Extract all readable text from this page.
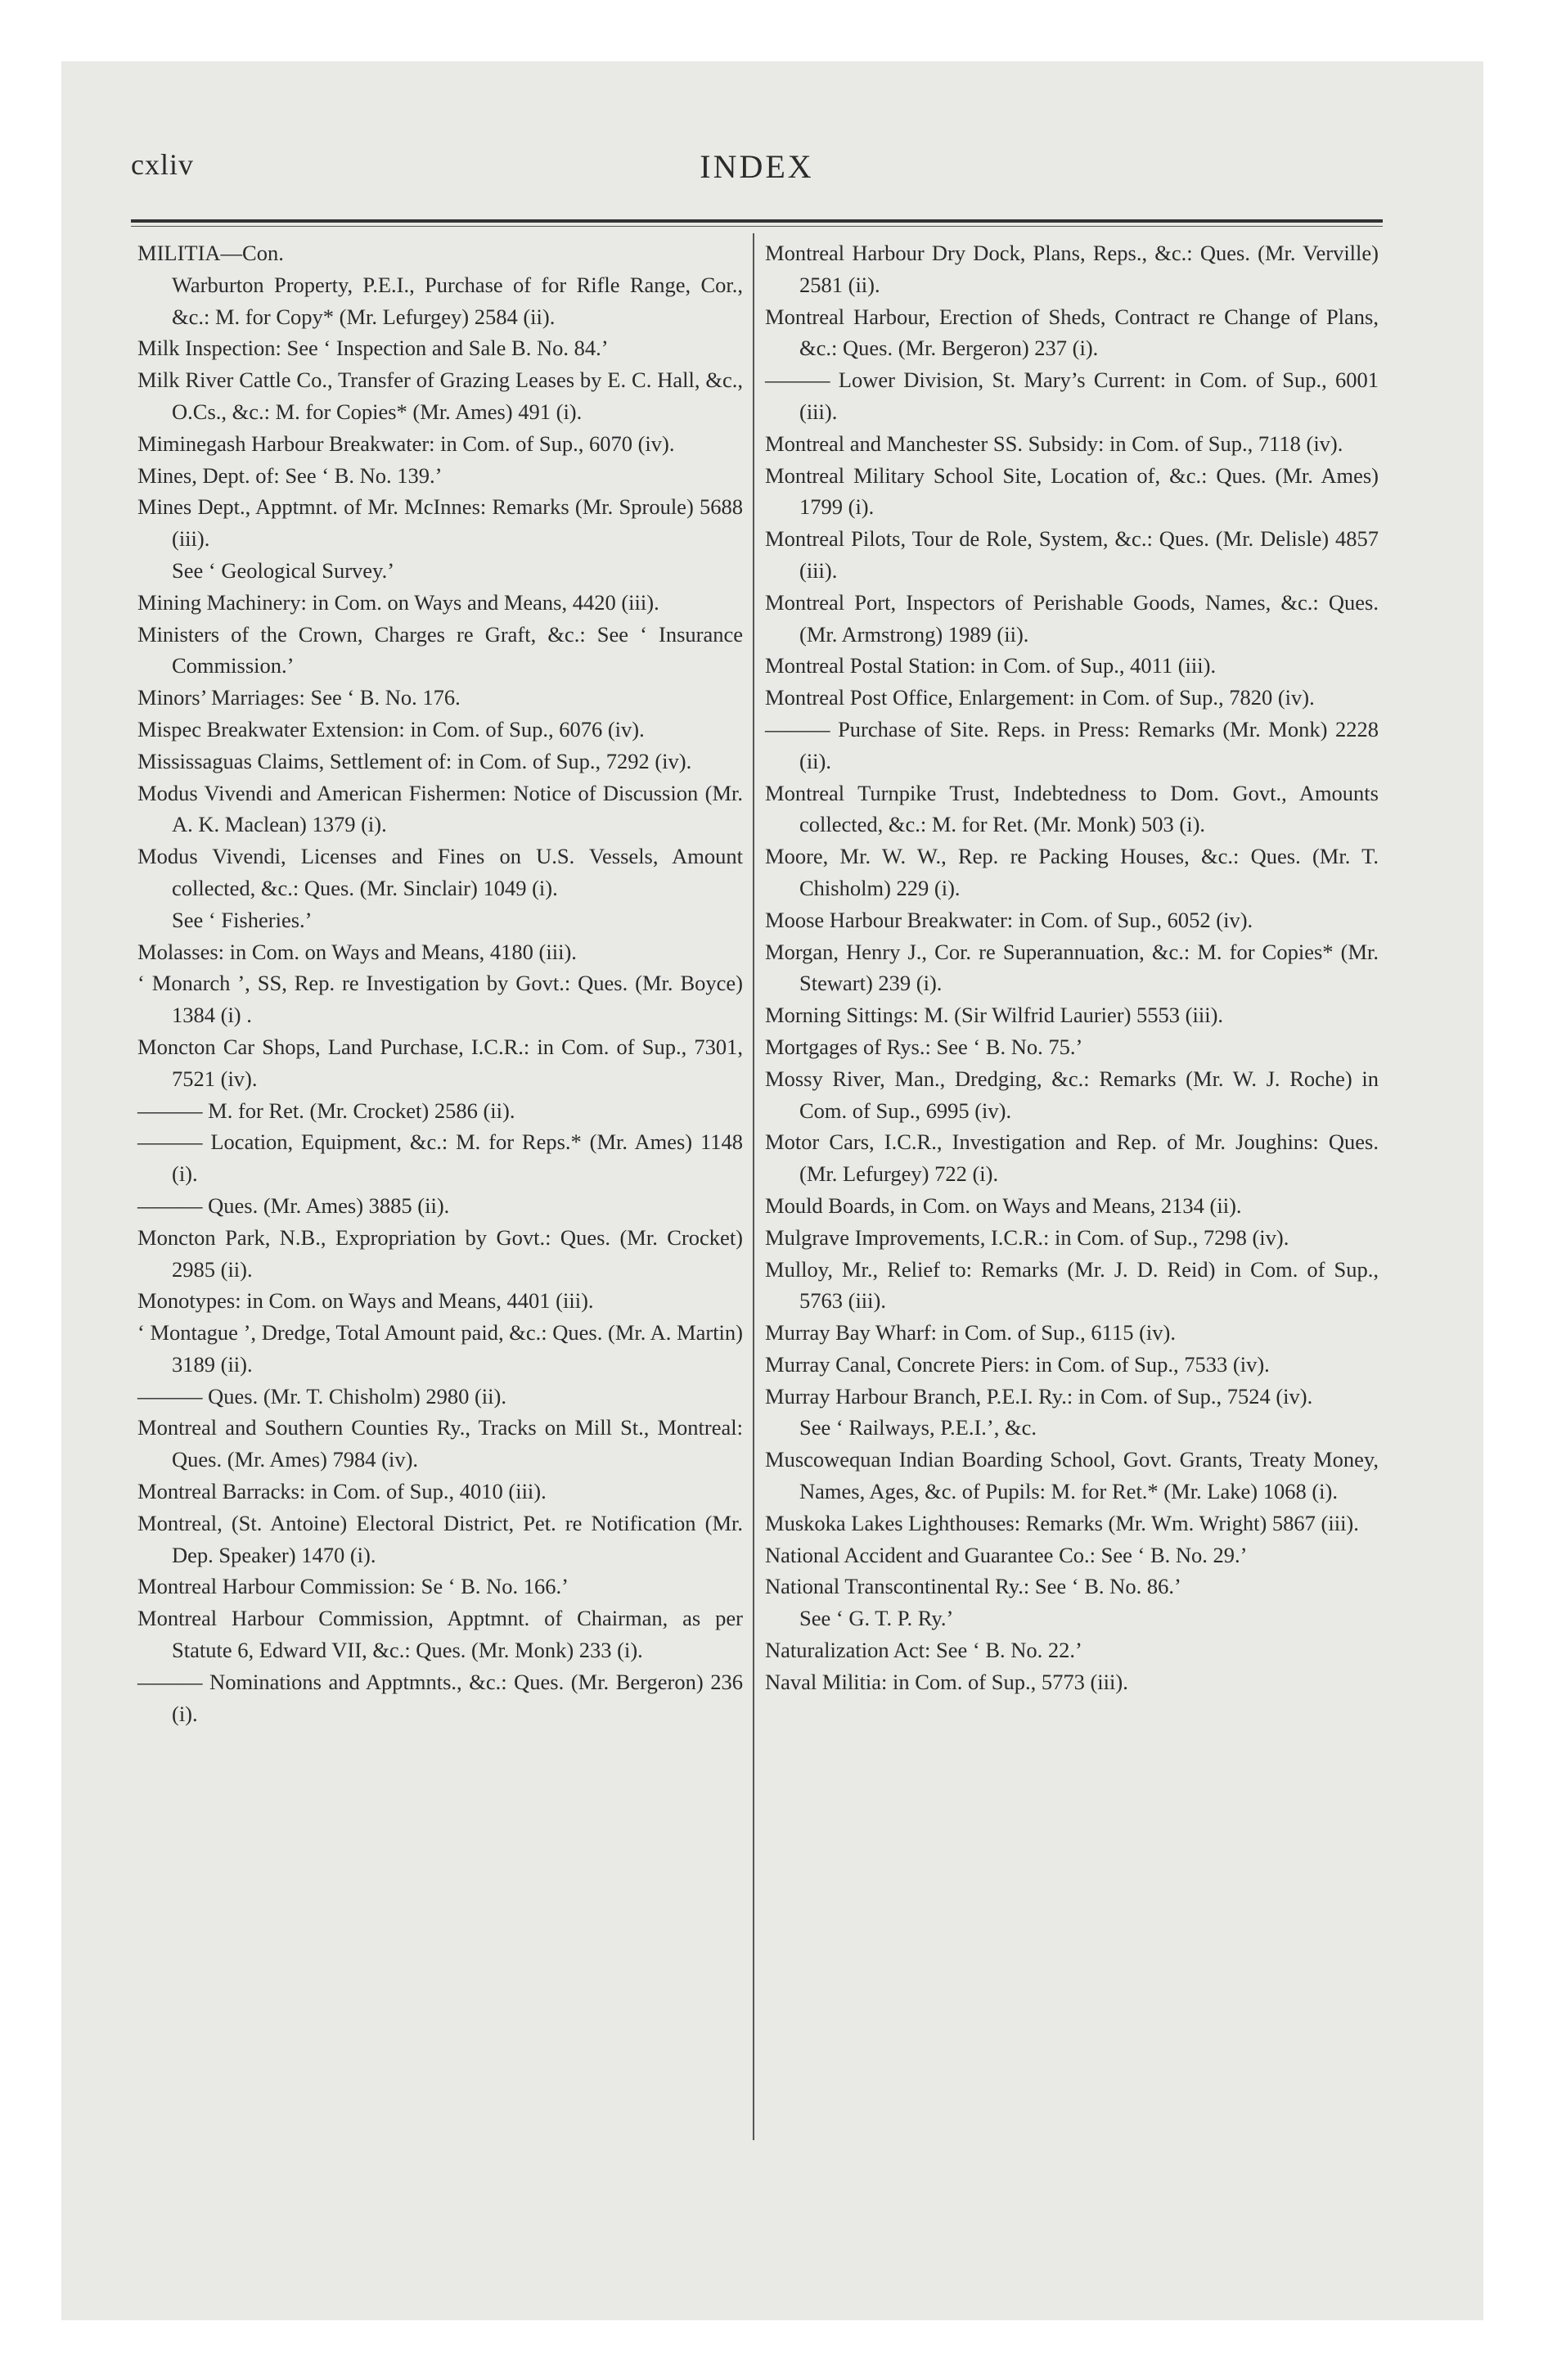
cxliv	INDEX
MILITIA—Con.
Warburton Property, P.E.I., Purchase of for Rifle Range, Cor., &c.: M. for Copy* (Mr. Lefurgey) 2584 (ii).
Milk Inspection: See ‘ Inspection and Sale B. No. 84.’
Milk River Cattle Co., Transfer of Grazing Leases by E. C. Hall, &c., O.Cs., &c.: M. for Copies* (Mr. Ames) 491 (i).
Miminegash Harbour Breakwater: in Com. of Sup., 6070 (iv).
Mines, Dept. of: See ‘ B. No. 139.’
Mines Dept., Apptmnt. of Mr. McInnes: Remarks (Mr. Sproule) 5688 (iii).
See ‘ Geological Survey.’
Mining Machinery: in Com. on Ways and Means, 4420 (iii).
Ministers of the Crown, Charges re Graft, &c.: See ‘ Insurance Commission.’
Minors’ Marriages: See ‘ B. No. 176.
Mispec Breakwater Extension: in Com. of Sup., 6076 (iv).
Mississaguas Claims, Settlement of: in Com. of Sup., 7292 (iv).
Modus Vivendi and American Fishermen: Notice of Discussion (Mr. A. K. Maclean) 1379 (i).
Modus Vivendi, Licenses and Fines on U.S. Vessels, Amount collected, &c.: Ques. (Mr. Sinclair) 1049 (i).
See ‘ Fisheries.’
Molasses: in Com. on Ways and Means, 4180 (iii).
‘ Monarch ’, SS, Rep. re Investigation by Govt.: Ques. (Mr. Boyce) 1384 (i) .
Moncton Car Shops, Land Purchase, I.C.R.: in Com. of Sup., 7301, 7521 (iv).
——— M. for Ret. (Mr. Crocket) 2586 (ii).
——— Location, Equipment, &c.: M. for Reps.* (Mr. Ames) 1148 (i).
——— Ques. (Mr. Ames) 3885 (ii).
Moncton Park, N.B., Expropriation by Govt.: Ques. (Mr. Crocket) 2985 (ii).
Monotypes: in Com. on Ways and Means, 4401 (iii).
‘ Montague ’, Dredge, Total Amount paid, &c.: Ques. (Mr. A. Martin) 3189 (ii).
——— Ques. (Mr. T. Chisholm) 2980 (ii).
Montreal and Southern Counties Ry., Tracks on Mill St., Montreal: Ques. (Mr. Ames) 7984 (iv).
Montreal Barracks: in Com. of Sup., 4010 (iii).
Montreal, (St. Antoine) Electoral District, Pet. re Notification (Mr. Dep. Speaker) 1470 (i).
Montreal Harbour Commission: Se ‘ B. No. 166.’
Montreal Harbour Commission, Apptmnt. of Chairman, as per Statute 6, Edward VII, &c.: Ques. (Mr. Monk) 233 (i).
——— Nominations and Apptmnts., &c.: Ques. (Mr. Bergeron) 236 (i).
Montreal Harbour Dry Dock, Plans, Reps., &c.: Ques. (Mr. Verville) 2581 (ii).
Montreal Harbour, Erection of Sheds, Contract re Change of Plans, &c.: Ques. (Mr. Bergeron) 237 (i).
——— Lower Division, St. Mary’s Current: in Com. of Sup., 6001 (iii).
Montreal and Manchester SS. Subsidy: in Com. of Sup., 7118 (iv).
Montreal Military School Site, Location of, &c.: Ques. (Mr. Ames) 1799 (i).
Montreal Pilots, Tour de Role, System, &c.: Ques. (Mr. Delisle) 4857 (iii).
Montreal Port, Inspectors of Perishable Goods, Names, &c.: Ques. (Mr. Armstrong) 1989 (ii).
Montreal Postal Station: in Com. of Sup., 4011 (iii).
Montreal Post Office, Enlargement: in Com. of Sup., 7820 (iv).
——— Purchase of Site. Reps. in Press: Remarks (Mr. Monk) 2228 (ii).
Montreal Turnpike Trust, Indebtedness to Dom. Govt., Amounts collected, &c.: M. for Ret. (Mr. Monk) 503 (i).
Moore, Mr. W. W., Rep. re Packing Houses, &c.: Ques. (Mr. T. Chisholm) 229 (i).
Moose Harbour Breakwater: in Com. of Sup., 6052 (iv).
Morgan, Henry J., Cor. re Superannuation, &c.: M. for Copies* (Mr. Stewart) 239 (i).
Morning Sittings: M. (Sir Wilfrid Laurier) 5553 (iii).
Mortgages of Rys.: See ‘ B. No. 75.’
Mossy River, Man., Dredging, &c.: Remarks (Mr. W. J. Roche) in Com. of Sup., 6995 (iv).
Motor Cars, I.C.R., Investigation and Rep. of Mr. Joughins: Ques. (Mr. Lefurgey) 722 (i).
Mould Boards, in Com. on Ways and Means, 2134 (ii).
Mulgrave Improvements, I.C.R.: in Com. of Sup., 7298 (iv).
Mulloy, Mr., Relief to: Remarks (Mr. J. D. Reid) in Com. of Sup., 5763 (iii).
Murray Bay Wharf: in Com. of Sup., 6115 (iv).
Murray Canal, Concrete Piers: in Com. of Sup., 7533 (iv).
Murray Harbour Branch, P.E.I. Ry.: in Com. of Sup., 7524 (iv).
See ‘ Railways, P.E.I.’, &c.
Muscowequan Indian Boarding School, Govt. Grants, Treaty Money, Names, Ages, &c. of Pupils: M. for Ret.* (Mr. Lake) 1068 (i).
Muskoka Lakes Lighthouses: Remarks (Mr. Wm. Wright) 5867 (iii).
National Accident and Guarantee Co.: See ‘ B. No. 29.’
National Transcontinental Ry.: See ‘ B. No. 86.’
See ‘ G. T. P. Ry.’
Naturalization Act: See ‘ B. No. 22.’
Naval Militia: in Com. of Sup., 5773 (iii).
